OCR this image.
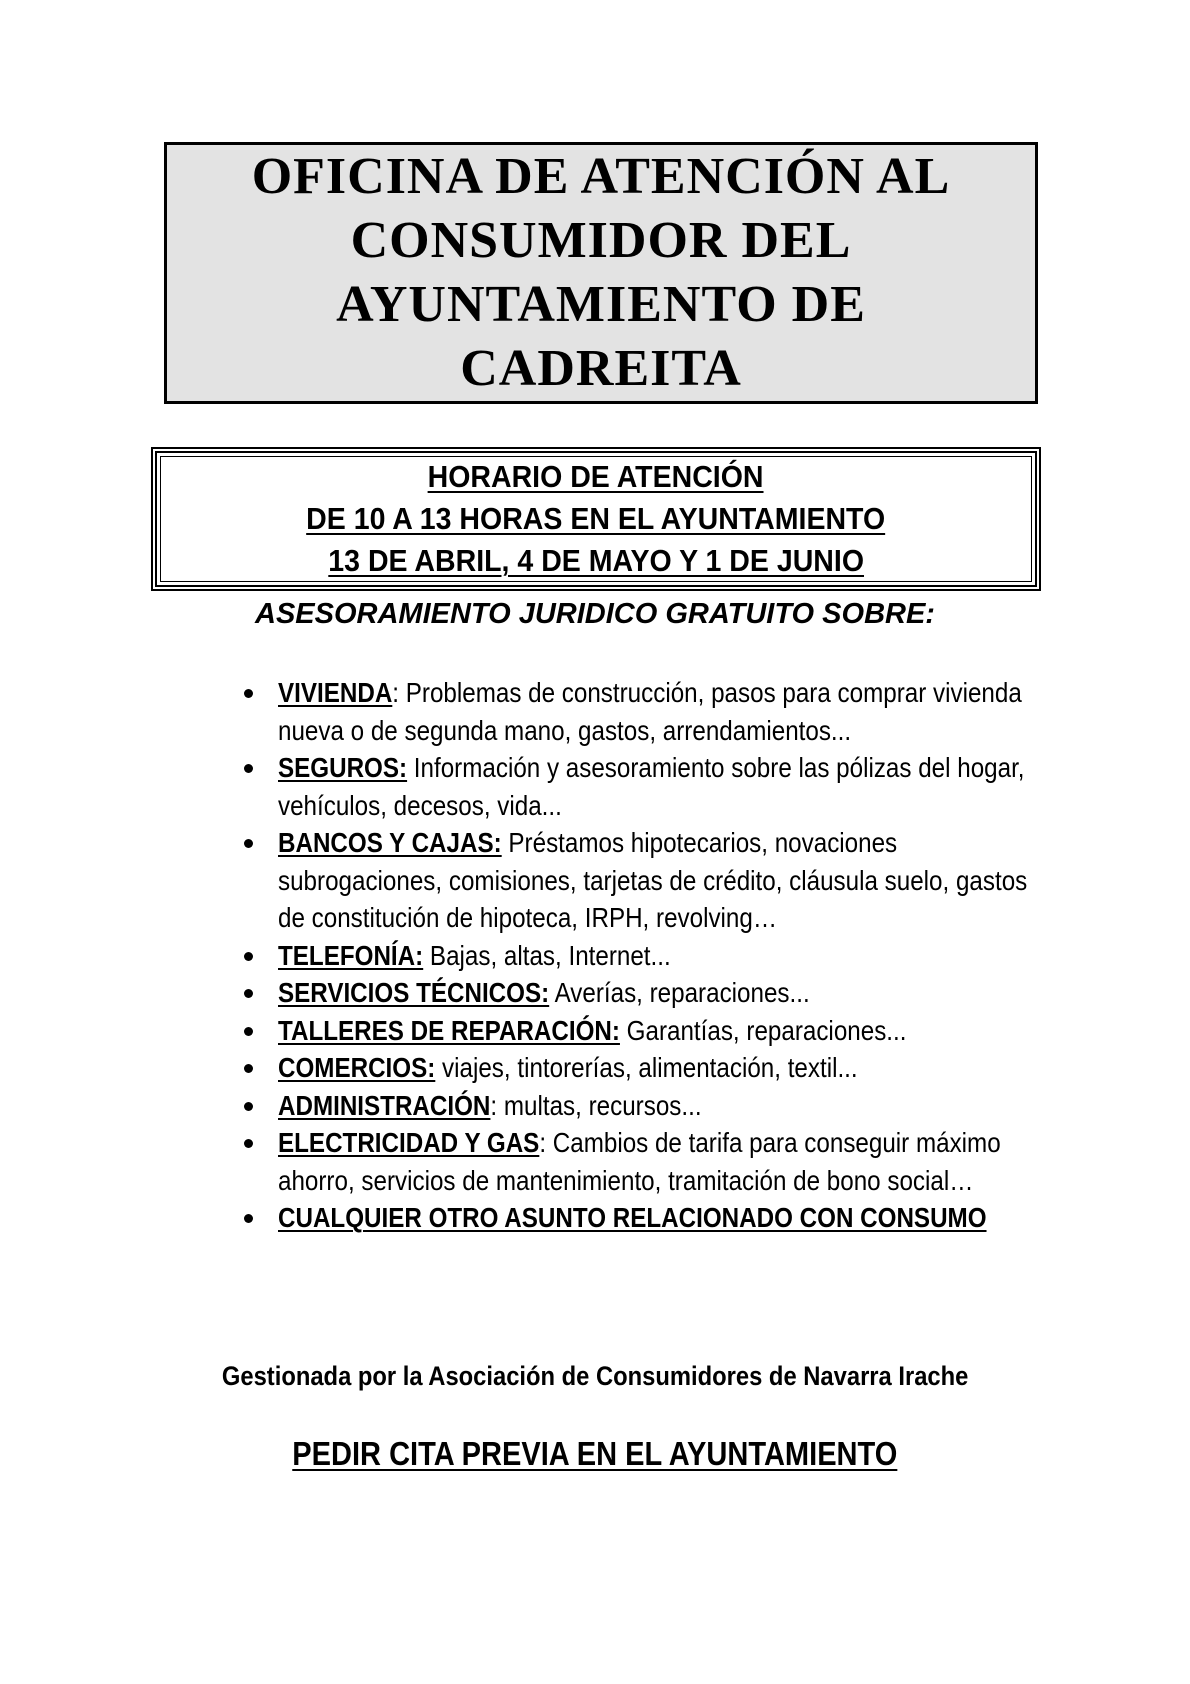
OFICINA DE ATENCIÓN AL
CONSUMIDOR DEL
AYUNTAMIENTO DE
CADREITA
HORARIO DE ATENCIÓN
DE 10 A 13 HORAS EN EL AYUNTAMIENTO
13 DE ABRIL, 4 DE MAYO Y 1 DE JUNIO
ASESORAMIENTO JURIDICO GRATUITO SOBRE:
VIVIENDA: Problemas de construcción, pasos para comprar vivienda nueva o de segunda mano, gastos, arrendamientos...
SEGUROS: Información y asesoramiento sobre las pólizas del hogar, vehículos, decesos, vida...
BANCOS Y CAJAS: Préstamos hipotecarios, novaciones subrogaciones, comisiones, tarjetas de crédito, cláusula suelo, gastos de constitución de hipoteca, IRPH, revolving…
TELEFONÍA: Bajas, altas, Internet...
SERVICIOS TÉCNICOS: Averías, reparaciones...
TALLERES DE REPARACIÓN: Garantías, reparaciones...
COMERCIOS: viajes, tintorerías, alimentación, textil...
ADMINISTRACIÓN: multas, recursos...
ELECTRICIDAD Y GAS: Cambios de tarifa para conseguir máximo ahorro, servicios de mantenimiento, tramitación de bono social…
CUALQUIER OTRO ASUNTO RELACIONADO CON CONSUMO
Gestionada por la Asociación de Consumidores de Navarra Irache
PEDIR CITA PREVIA EN EL AYUNTAMIENTO
